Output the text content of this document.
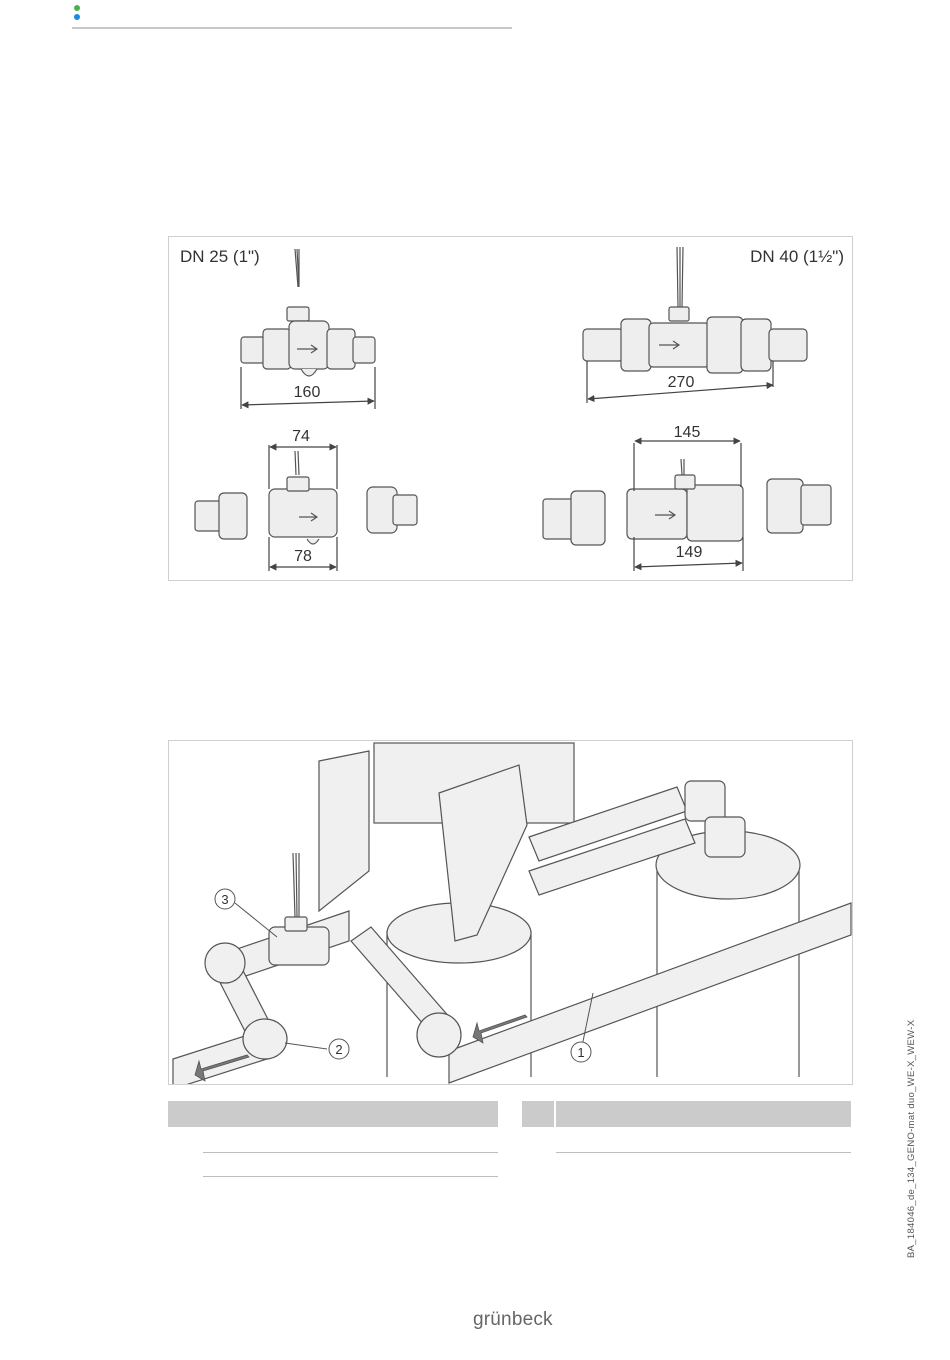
DN 25 (1")	DN 40 (1½")
160
74
78
270
145
149
1
2
3
BA_184046_de_134_GENO-mat duo_WE-X_WEW-X
grünbeck
